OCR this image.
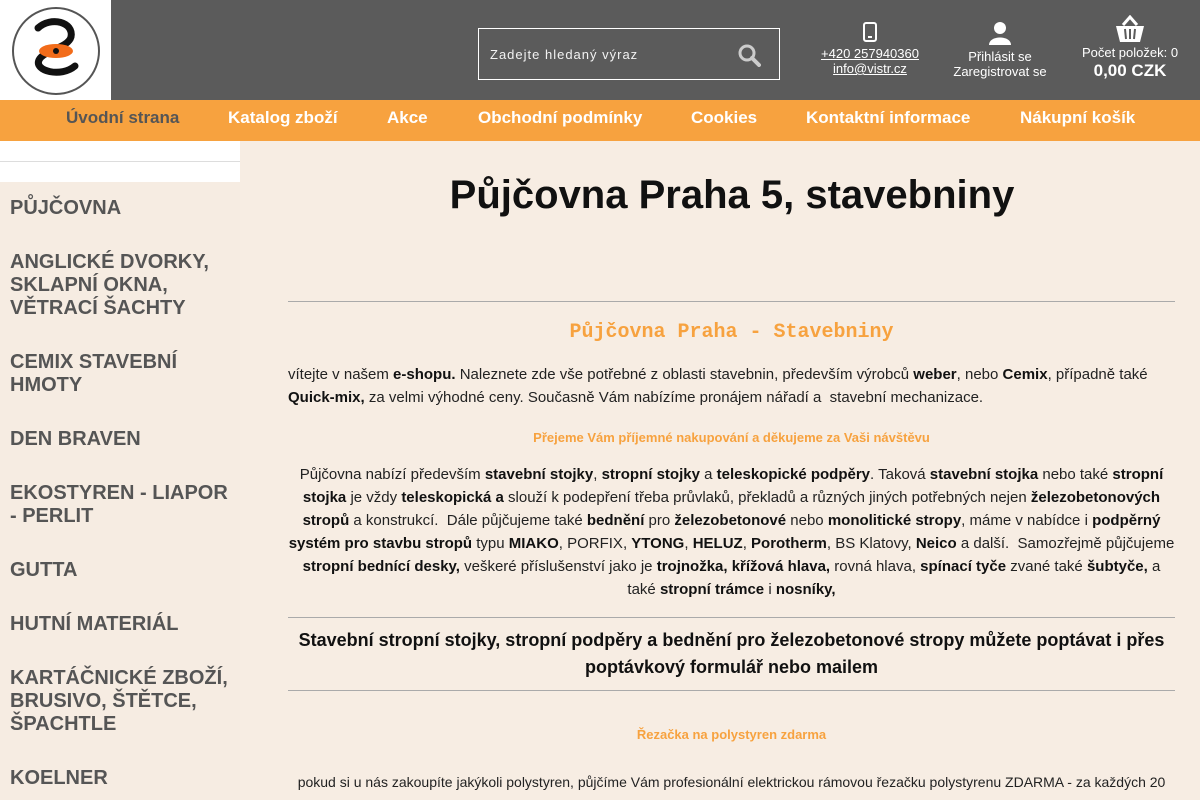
Zadejte hledaný výraz
+420 257940360
info@vistr.cz
Přihlásit se
Zaregistrovat se
Počet položek: 0
0,00 CZK
Úvodní strana	Katalog zboží	Akce	Obchodní podmínky	Cookies	Kontaktní informace	Nákupní košík
PŮJČOVNA
ANGLICKÉ DVORKY, SKLAPNÍ OKNA, VĚTRACÍ ŠACHTY
CEMIX STAVEBNÍ HMOTY
DEN BRAVEN
EKOSTYREN - LIAPOR - PERLIT
GUTTA
HUTNÍ MATERIÁL
KARTÁČNICKÉ ZBOŽÍ, BRUSIVO, ŠTĚTCE, ŠPACHTLE
KOELNER
Půjčovna Praha 5, stavebniny
Půjčovna Praha - Stavebniny

vítejte v našem e-shopu. Naleznete zde vše potřebné z oblasti stavebnin, především výrobců weber, nebo Cemix, případně také Quick-mix, za velmi výhodné ceny. Současně Vám nabízíme pronájem nářadí a  stavební mechanizace.

Přejeme Vám příjemné nakupování a děkujeme za Vaši návštěvu

Půjčovna nabízí především stavební stojky, stropní stojky a teleskopické podpěry. Taková stavební stojka nebo také stropní stojka je vždy teleskopická a slouží k podepření třeba průvlaků, překladů a různých jiných potřebných nejen železobetonových stropů a konstrukcí.  Dále půjčujeme také bednění pro železobetonové nebo monolitické stropy, máme v nabídce i podpěrný systém pro stavbu stropů typu MIAKO, PORFIX, YTONG, HELUZ, Porotherm, BS Klatovy, Neico a další.  Samozřejmě půjčujeme stropní bednící desky, veškeré příslušenství jako je trojnožka, křížová hlava, rovná hlava, spínací tyče zvané také šubtyče, a také stropní trámce i nosníky,

Stavební stropní stojky, stropní podpěry a bednění pro železobetonové stropy můžete poptávat i přes poptávkový formulář nebo mailem
Řezačka na polystyren zdarma

pokud si u nás zakoupíte jakýkoli polystyren, půjčíme Vám profesionální elektrickou rámovou řezačku polystyrenu ZDARMA - za každých 20
